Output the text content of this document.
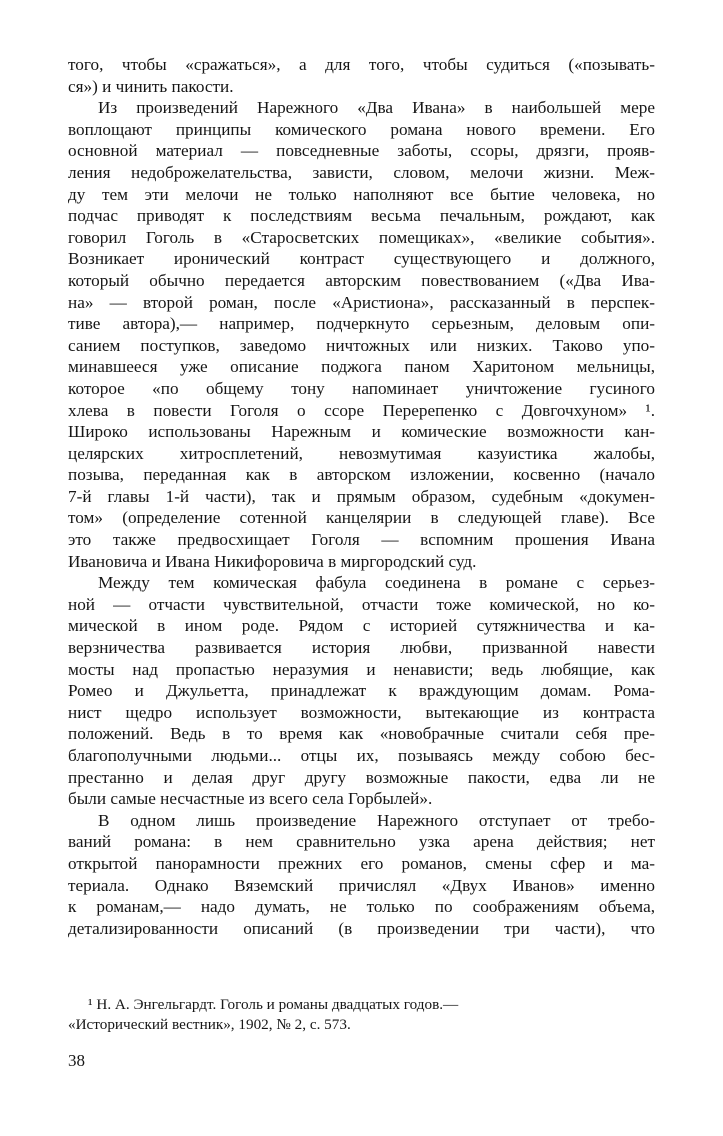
того, чтобы «сражаться», а для того, чтобы судиться («позывать-
ся») и чинить пакости.
Из произведений Нарежного «Два Ивана» в наибольшей мере
воплощают принципы комического романа нового времени. Его
основной материал — повседневные заботы, ссоры, дрязги, прояв-
ления недоброжелательства, зависти, словом, мелочи жизни. Меж-
ду тем эти мелочи не только наполняют все бытие человека, но
подчас приводят к последствиям весьма печальным, рождают, как
говорил Гоголь в «Старосветских помещиках», «великие события».
Возникает иронический контраст существующего и должного,
который обычно передается авторским повествованием («Два Ива-
на» — второй роман, после «Аристиона», рассказанный в перспек-
тиве автора),— например, подчеркнуто серьезным, деловым опи-
санием поступков, заведомо ничтожных или низких. Таково упо-
минавшееся уже описание поджога паном Харитоном мельницы,
которое «по общему тону напоминает уничтожение гусиного
хлева в повести Гоголя о ссоре Перерепенко с Довгочхуном» ¹.
Широко использованы Нарежным и комические возможности кан-
целярских хитросплетений, невозмутимая казуистика жалобы,
позыва, переданная как в авторском изложении, косвенно (начало
7-й главы 1-й части), так и прямым образом, судебным «докумен-
том» (определение сотенной канцелярии в следующей главе). Все
это также предвосхищает Гоголя — вспомним прошения Ивана
Ивановича и Ивана Никифоровича в миргородский суд.
Между тем комическая фабула соединена в романе с серьез-
ной — отчасти чувствительной, отчасти тоже комической, но ко-
мической в ином роде. Рядом с историей сутяжничества и ка-
верзничества развивается история любви, призванной навести
мосты над пропастью неразумия и ненависти; ведь любящие, как
Ромео и Джульетта, принадлежат к враждующим домам. Рома-
нист щедро использует возможности, вытекающие из контраста
положений. Ведь в то время как «новобрачные считали себя пре-
благополучными людьми... отцы их, позываясь между собою бес-
престанно и делая друг другу возможные пакости, едва ли не
были самые несчастные из всего села Горбылей».
В одном лишь произведение Нарежного отступает от требо-
ваний романа: в нем сравнительно узка арена действия; нет
открытой панорамности прежних его романов, смены сфер и ма-
териала. Однако Вяземский причислял «Двух Иванов» именно
к романам,— надо думать, не только по соображениям объема,
детализированности описаний (в произведении три части), что
¹ Н. А. Энгельгардт. Гоголь и романы двадцатых годов.—
«Исторический вестник», 1902, № 2, с. 573.
38
